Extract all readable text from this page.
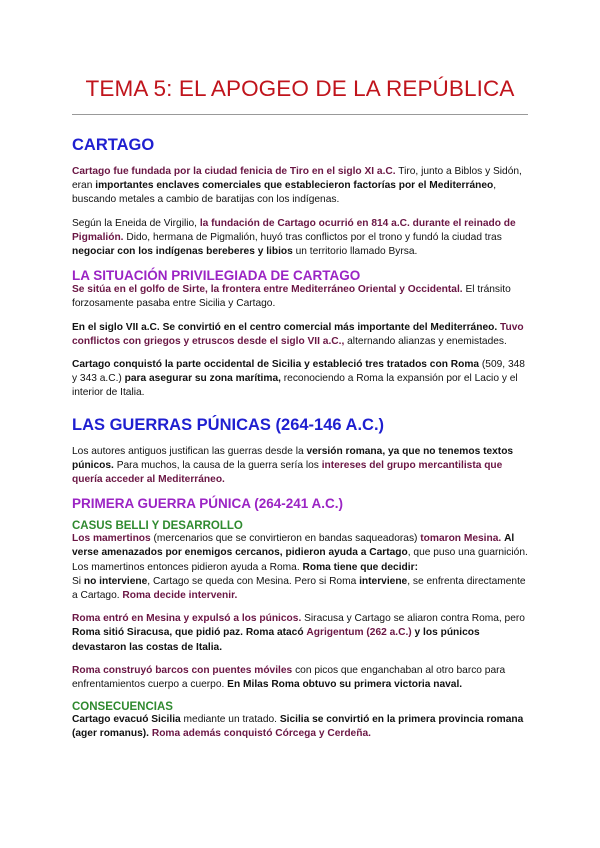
TEMA 5: EL APOGEO DE LA REPÚBLICA
CARTAGO

Cartago fue fundada por la ciudad fenicia de Tiro en el siglo XI a.C. Tiro, junto a Biblos y Sidón, eran importantes enclaves comerciales que establecieron factorías por el Mediterráneo, buscando metales a cambio de baratijas con los indígenas.

Según la Eneida de Virgilio, la fundación de Cartago ocurrió en 814 a.C. durante el reinado de Pigmalión. Dido, hermana de Pigmalión, huyó tras conflictos por el trono y fundó la ciudad tras negociar con los indígenas bereberes y libios un territorio llamado Byrsa.

LA SITUACIÓN PRIVILEGIADA DE CARTAGO

Se sitúa en el golfo de Sirte, la frontera entre Mediterráneo Oriental y Occidental. El tránsito forzosamente pasaba entre Sicilia y Cartago.

En el siglo VII a.C. Se convirtió en el centro comercial más importante del Mediterráneo. Tuvo conflictos con griegos y etruscos desde el siglo VII a.C., alternando alianzas y enemistades.

Cartago conquistó la parte occidental de Sicilia y estableció tres tratados con Roma (509, 348 y 343 a.C.) para asegurar su zona marítima, reconociendo a Roma la expansión por el Lacio y el interior de Italia.

LAS GUERRAS PÚNICAS (264-146 A.C.)

Los autores antiguos justifican las guerras desde la versión romana, ya que no tenemos textos púnicos. Para muchos, la causa de la guerra sería los intereses del grupo mercantilista que quería acceder al Mediterráneo.

PRIMERA GUERRA PÚNICA (264-241 A.C.)
CASUS BELLI Y DESARROLLO

Los mamertinos (mercenarios que se convirtieron en bandas saqueadoras) tomaron Mesina. Al verse amenazados por enemigos cercanos, pidieron ayuda a Cartago, que puso una guarnición.

Los mamertinos entonces pidieron ayuda a Roma. Roma tiene que decidir:

Si no interviene, Cartago se queda con Mesina. Pero si Roma interviene, se enfrenta directamente a Cartago. Roma decide intervenir.

Roma entró en Mesina y expulsó a los púnicos. Siracusa y Cartago se aliaron contra Roma, pero Roma sitió Siracusa, que pidió paz. Roma atacó Agrigentum (262 a.C.) y los púnicos devastaron las costas de Italia.

Roma construyó barcos con puentes móviles con picos que enganchaban al otro barco para enfrentamientos cuerpo a cuerpo. En Milas Roma obtuvo su primera victoria naval.

CONSECUENCIAS

Cartago evacuó Sicilia mediante un tratado. Sicilia se convirtió en la primera provincia romana (ager romanus). Roma además conquistó Córcega y Cerdeña.
